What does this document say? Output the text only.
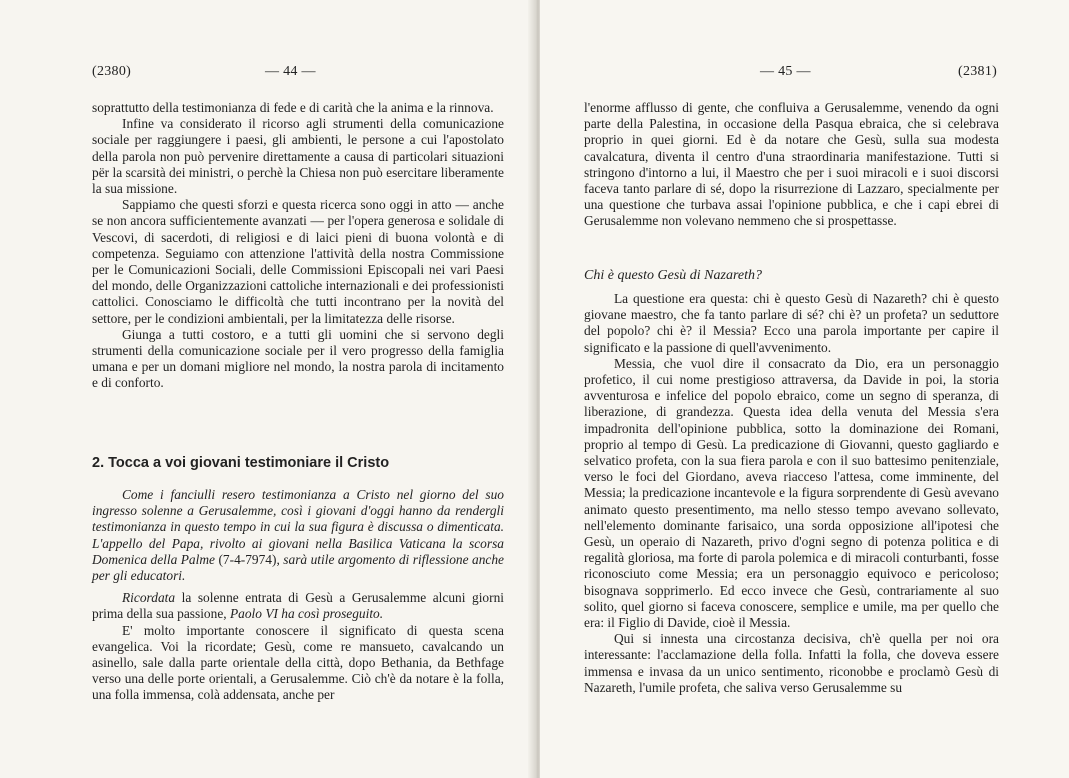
(2380)	— 44 —

soprattutto della testimonianza di fede e di carità che la anima e la rinnova.

Infine va considerato il ricorso agli strumenti della comunicazione sociale per raggiungere i paesi, gli ambienti, le persone a cui l'apostolato della parola non può pervenire direttamente a causa di particolari situazioni për la scarsità dei ministri, o perchè la Chiesa non può esercitare liberamente la sua missione.

Sappiamo che questi sforzi e questa ricerca sono oggi in atto — anche se non ancora sufficientemente avanzati — per l'opera generosa e solidale di Vescovi, di sacerdoti, di religiosi e di laici pieni di buona volontà e di competenza. Seguiamo con attenzione l'attività della nostra Commissione per le Comunicazioni Sociali, delle Commissioni Episcopali nei vari Paesi del mondo, delle Organizzazioni cattoliche internazionali e dei professionisti cattolici. Conosciamo le difficoltà che tutti incontrano per la novità del settore, per le condizioni ambientali, per la limitatezza delle risorse.

Giunga a tutti costoro, e a tutti gli uomini che si servono degli strumenti della comunicazione sociale per il vero progresso della famiglia umana e per un domani migliore nel mondo, la nostra parola di incitamento e di conforto.

2. Tocca a voi giovani testimoniare il Cristo

Come i fanciulli resero testimonianza a Cristo nel giorno del suo ingresso solenne a Gerusalemme, così i giovani d'oggi hanno da rendergli testimonianza in questo tempo in cui la sua figura è discussa o dimenticata. L'appello del Papa, rivolto ai giovani nella Basilica Vaticana la scorsa Domenica della Palme (7-4-7974), sarà utile argomento di riflessione anche per gli educatori.

Ricordata la solenne entrata di Gesù a Gerusalemme alcuni giorni prima della sua passione, Paolo VI ha così proseguito.

E' molto importante conoscere il significato di questa scena evangelica. Voi la ricordate; Gesù, come re mansueto, cavalcando un asinello, sale dalla parte orientale della città, dopo Bethania, da Bethfage verso una delle porte orientali, a Gerusalemme. Ciò ch'è da notare è la folla, una folla immensa, colà addensata, anche per

— 45 —	(2381)

l'enorme afflusso di gente, che confluiva a Gerusalemme, venendo da ogni parte della Palestina, in occasione della Pasqua ebraica, che si celebrava proprio in quei giorni. Ed è da notare che Gesù, sulla sua modesta cavalcatura, diventa il centro d'una straordinaria manifestazione. Tutti si stringono d'intorno a lui, il Maestro che per i suoi miracoli e i suoi discorsi faceva tanto parlare di sé, dopo la risurrezione di Lazzaro, specialmente per una questione che turbava assai l'opinione pubblica, e che i capi ebrei di Gerusalemme non volevano nemmeno che si prospettasse.

Chi è questo Gesù di Nazareth?

La questione era questa: chi è questo Gesù di Nazareth? chi è questo giovane maestro, che fa tanto parlare di sé? chi è? un profeta? un seduttore del popolo? chi è? il Messia? Ecco una parola importante per capire il significato e la passione di quell'avvenimento.

Messia, che vuol dire il consacrato da Dio, era un personaggio profetico, il cui nome prestigioso attraversa, da Davide in poi, la storia avventurosa e infelice del popolo ebraico, come un segno di speranza, di liberazione, di grandezza. Questa idea della venuta del Messia s'era impadronita dell'opinione pubblica, sotto la dominazione dei Romani, proprio al tempo di Gesù. La predicazione di Giovanni, questo gagliardo e selvatico profeta, con la sua fiera parola e con il suo battesimo penitenziale, verso le foci del Giordano, aveva riacceso l'attesa, come imminente, del Messia; la predicazione incantevole e la figura sorprendente di Gesù avevano animato questo presentimento, ma nello stesso tempo avevano sollevato, nell'elemento dominante farisaico, una sorda opposizione all'ipotesi che Gesù, un operaio di Nazareth, privo d'ogni segno di potenza politica e di regalità gloriosa, ma forte di parola polemica e di miracoli conturbanti, fosse riconosciuto come Messia; era un personaggio equivoco e pericoloso; bisognava sopprimerlo. Ed ecco invece che Gesù, contrariamente al suo solito, quel giorno si faceva conoscere, semplice e umile, ma per quello che era: il Figlio di Davide, cioè il Messia.

Qui si innesta una circostanza decisiva, ch'è quella per noi ora interessante: l'acclamazione della folla. Infatti la folla, che doveva essere immensa e invasa da un unico sentimento, riconobbe e proclamò Gesù di Nazareth, l'umile profeta, che saliva verso Gerusalemme su
